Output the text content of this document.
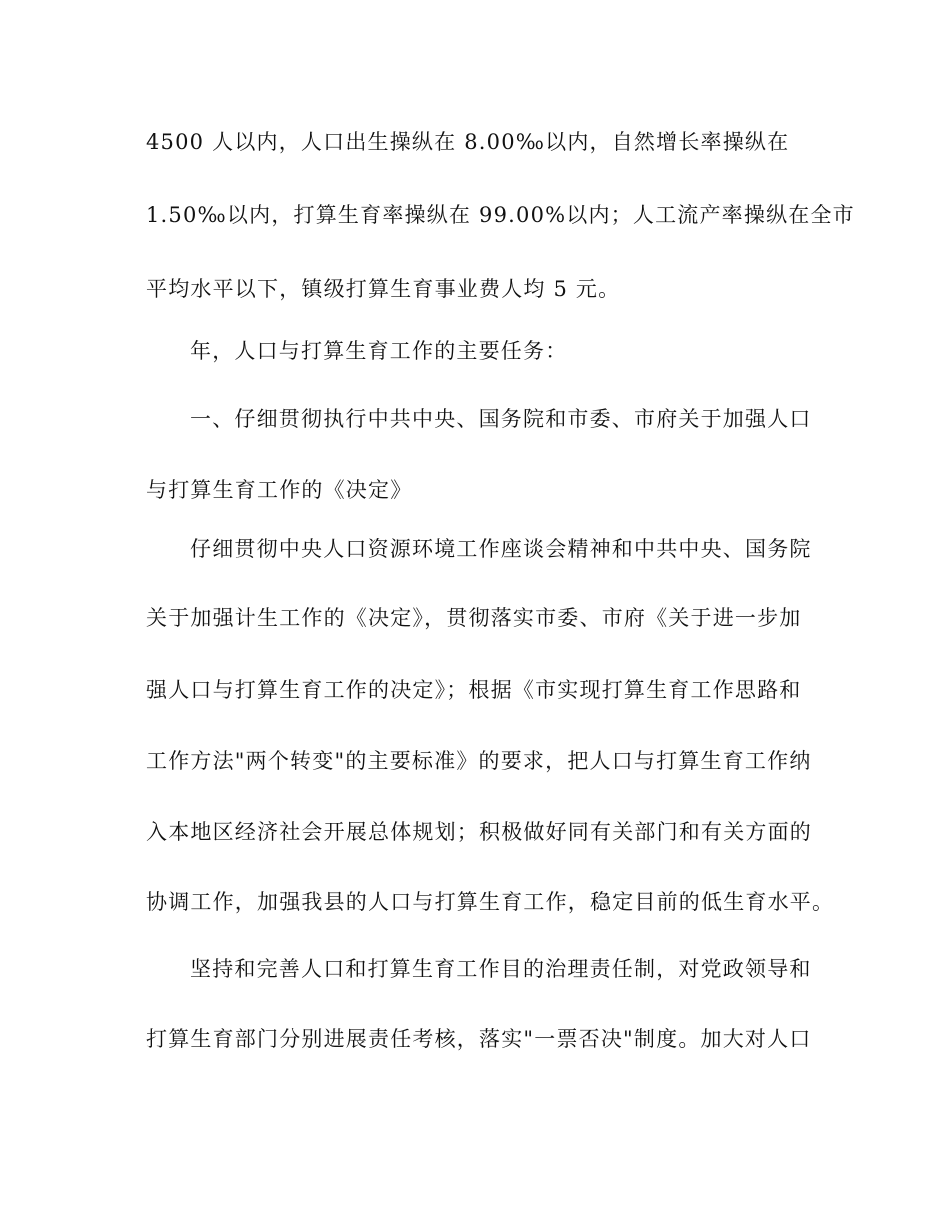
4500 人以内，人口出生操纵在 8.00‰以内，自然增长率操纵在
1.50‰以内，打算生育率操纵在 99.00%以内；人工流产率操纵在全市
平均水平以下，镇级打算生育事业费人均 5 元。
年，人口与打算生育工作的主要任务：
一、仔细贯彻执行中共中央、国务院和市委、市府关于加强人口
与打算生育工作的《决定》
仔细贯彻中央人口资源环境工作座谈会精神和中共中央、国务院
关于加强计生工作的《决定》，贯彻落实市委、市府《关于进一步加
强人口与打算生育工作的决定》；根据《市实现打算生育工作思路和
工作方法"两个转变"的主要标准》的要求，把人口与打算生育工作纳
入本地区经济社会开展总体规划；积极做好同有关部门和有关方面的
协调工作，加强我县的人口与打算生育工作，稳定目前的低生育水平。
坚持和完善人口和打算生育工作目的治理责任制，对党政领导和
打算生育部门分别进展责任考核，落实"一票否决"制度。加大对人口
